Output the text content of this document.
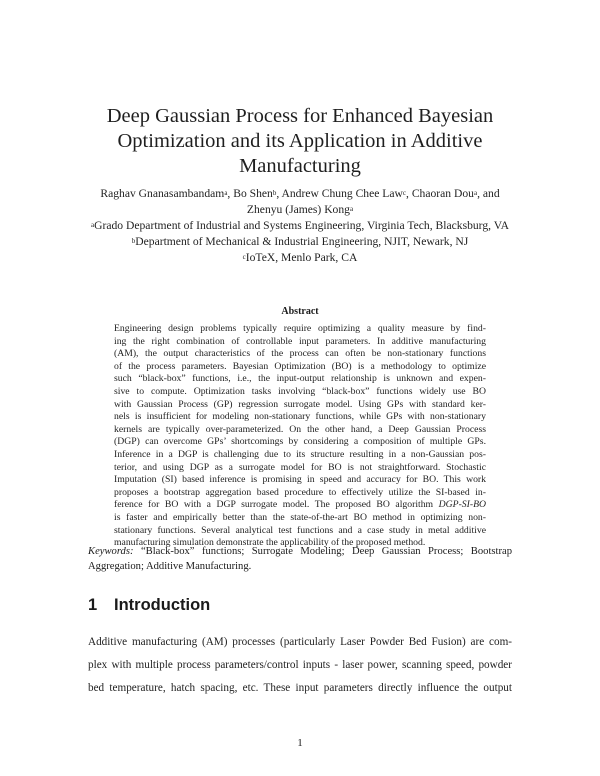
Deep Gaussian Process for Enhanced Bayesian
Optimization and its Application in Additive
Manufacturing
Raghav Gnanasambandam$^a$, Bo Shen$^b$, Andrew Chung Chee Law$^c$, Chaoran Dou$^a$, and
Zhenyu (James) Kong$^a$
$^a$Grado Department of Industrial and Systems Engineering, Virginia Tech, Blacksburg, VA
$^b$Department of Mechanical & Industrial Engineering, NJIT, Newark, NJ
$^c$IoTeX, Menlo Park, CA
Abstract
Engineering design problems typically require optimizing a quality measure by find-
ing the right combination of controllable input parameters. In additive manufacturing
(AM), the output characteristics of the process can often be non-stationary functions
of the process parameters. Bayesian Optimization (BO) is a methodology to optimize
such “black-box” functions, i.e., the input-output relationship is unknown and expen-
sive to compute. Optimization tasks involving “black-box” functions widely use BO
with Gaussian Process (GP) regression surrogate model. Using GPs with standard ker-
nels is insufficient for modeling non-stationary functions, while GPs with non-stationary
kernels are typically over-parameterized. On the other hand, a Deep Gaussian Process
(DGP) can overcome GPs’ shortcomings by considering a composition of multiple GPs.
Inference in a DGP is challenging due to its structure resulting in a non-Gaussian pos-
terior, and using DGP as a surrogate model for BO is not straightforward. Stochastic
Imputation (SI) based inference is promising in speed and accuracy for BO. This work
proposes a bootstrap aggregation based procedure to effectively utilize the SI-based in-
ference for BO with a DGP surrogate model. The proposed BO algorithm DGP-SI-BO
is faster and empirically better than the state-of-the-art BO method in optimizing non-
stationary functions. Several analytical test functions and a case study in metal additive
manufacturing simulation demonstrate the applicability of the proposed method.
Keywords: “Black-box” functions; Surrogate Modeling; Deep Gaussian Process; Bootstrap
Aggregation; Additive Manufacturing.
1 Introduction
Additive manufacturing (AM) processes (particularly Laser Powder Bed Fusion) are com-
plex with multiple process parameters/control inputs - laser power, scanning speed, powder
bed temperature, hatch spacing, etc. These input parameters directly influence the output
1
